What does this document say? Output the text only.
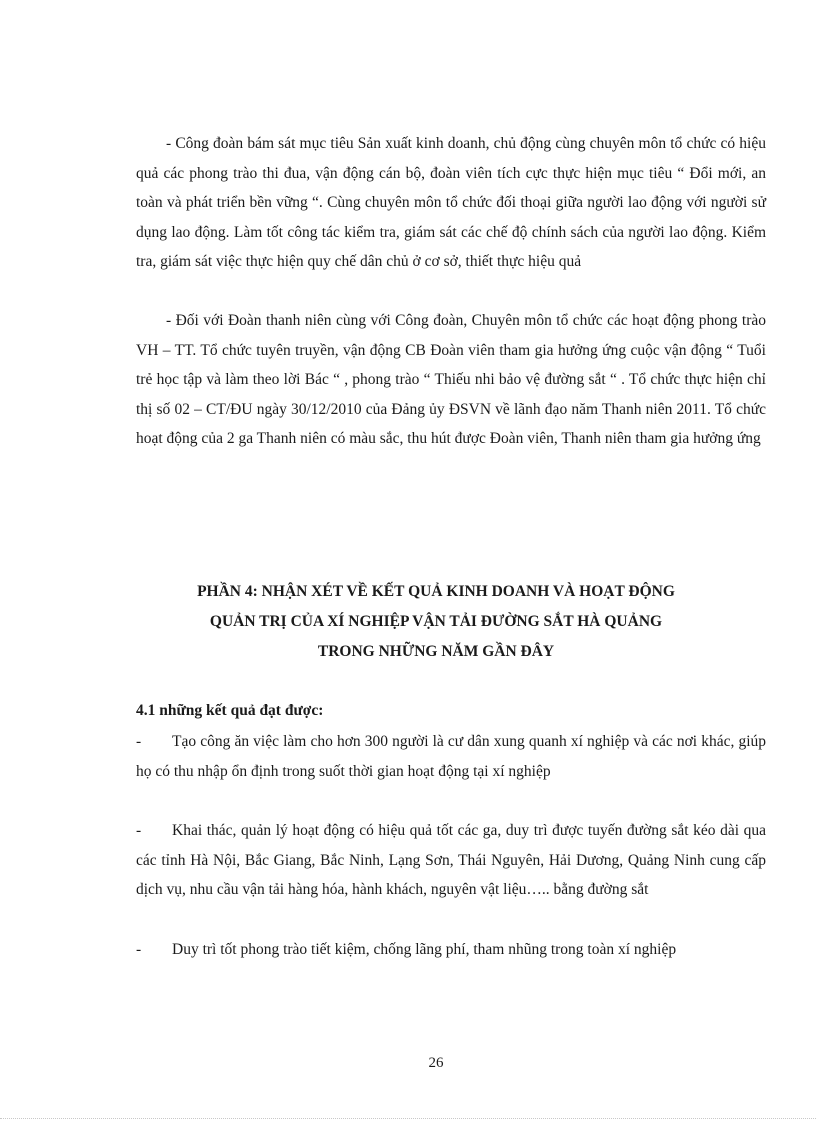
- Công đoàn bám sát mục tiêu Sản xuất kinh doanh, chủ động cùng chuyên môn tổ chức có hiệu quả các phong trào thi đua, vận động cán bộ, đoàn viên tích cực thực hiện mục tiêu “ Đổi mới, an toàn và phát triển bền vững “. Cùng chuyên môn tổ chức đối thoại giữa người lao động với người sử dụng lao động. Làm tốt công tác kiểm tra, giám sát các chế độ chính sách của người lao động. Kiểm tra, giám sát việc thực hiện quy chế dân chủ ở cơ sở, thiết thực hiệu quả

- Đối với Đoàn thanh niên cùng với Công đoàn, Chuyên môn tổ chức các hoạt động phong trào VH – TT. Tổ chức tuyên truyền, vận động CB Đoàn viên tham gia hưởng ứng cuộc vận động “ Tuổi trẻ học tập và làm theo lời Bác “ , phong trào “ Thiếu nhi bảo vệ đường sắt “ . Tổ chức thực hiện chỉ thị số 02 – CT/ĐU ngày 30/12/2010 của Đảng ủy ĐSVN về lãnh đạo năm Thanh niên 2011. Tổ chức hoạt động của 2 ga Thanh niên có màu sắc, thu hút được Đoàn viên, Thanh niên tham gia hưởng ứng

PHẦN 4: NHẬN XÉT VỀ KẾT QUẢ KINH DOANH VÀ HOẠT ĐỘNG

QUẢN TRỊ CỦA XÍ NGHIỆP VẬN TẢI ĐƯỜNG SẮT HÀ QUẢNG

TRONG NHỮNG NĂM GẦN ĐÂY

4.1 những kết quả đạt được:

- Tạo công ăn việc làm cho hơn 300 người là cư dân xung quanh xí nghiệp và các nơi khác, giúp họ có thu nhập ổn định trong suốt thời gian hoạt động tại xí nghiệp

- Khai thác, quản lý hoạt động có hiệu quả tốt các ga, duy trì được tuyến đường sắt kéo dài qua các tỉnh Hà Nội, Bắc Giang, Bắc Ninh, Lạng Sơn, Thái Nguyên, Hải Dương, Quảng Ninh cung cấp dịch vụ, nhu cầu vận tải hàng hóa, hành khách, nguyên vật liệu….. bằng đường sắt

- Duy trì tốt phong trào tiết kiệm, chống lãng phí, tham nhũng trong toàn xí nghiệp

26
